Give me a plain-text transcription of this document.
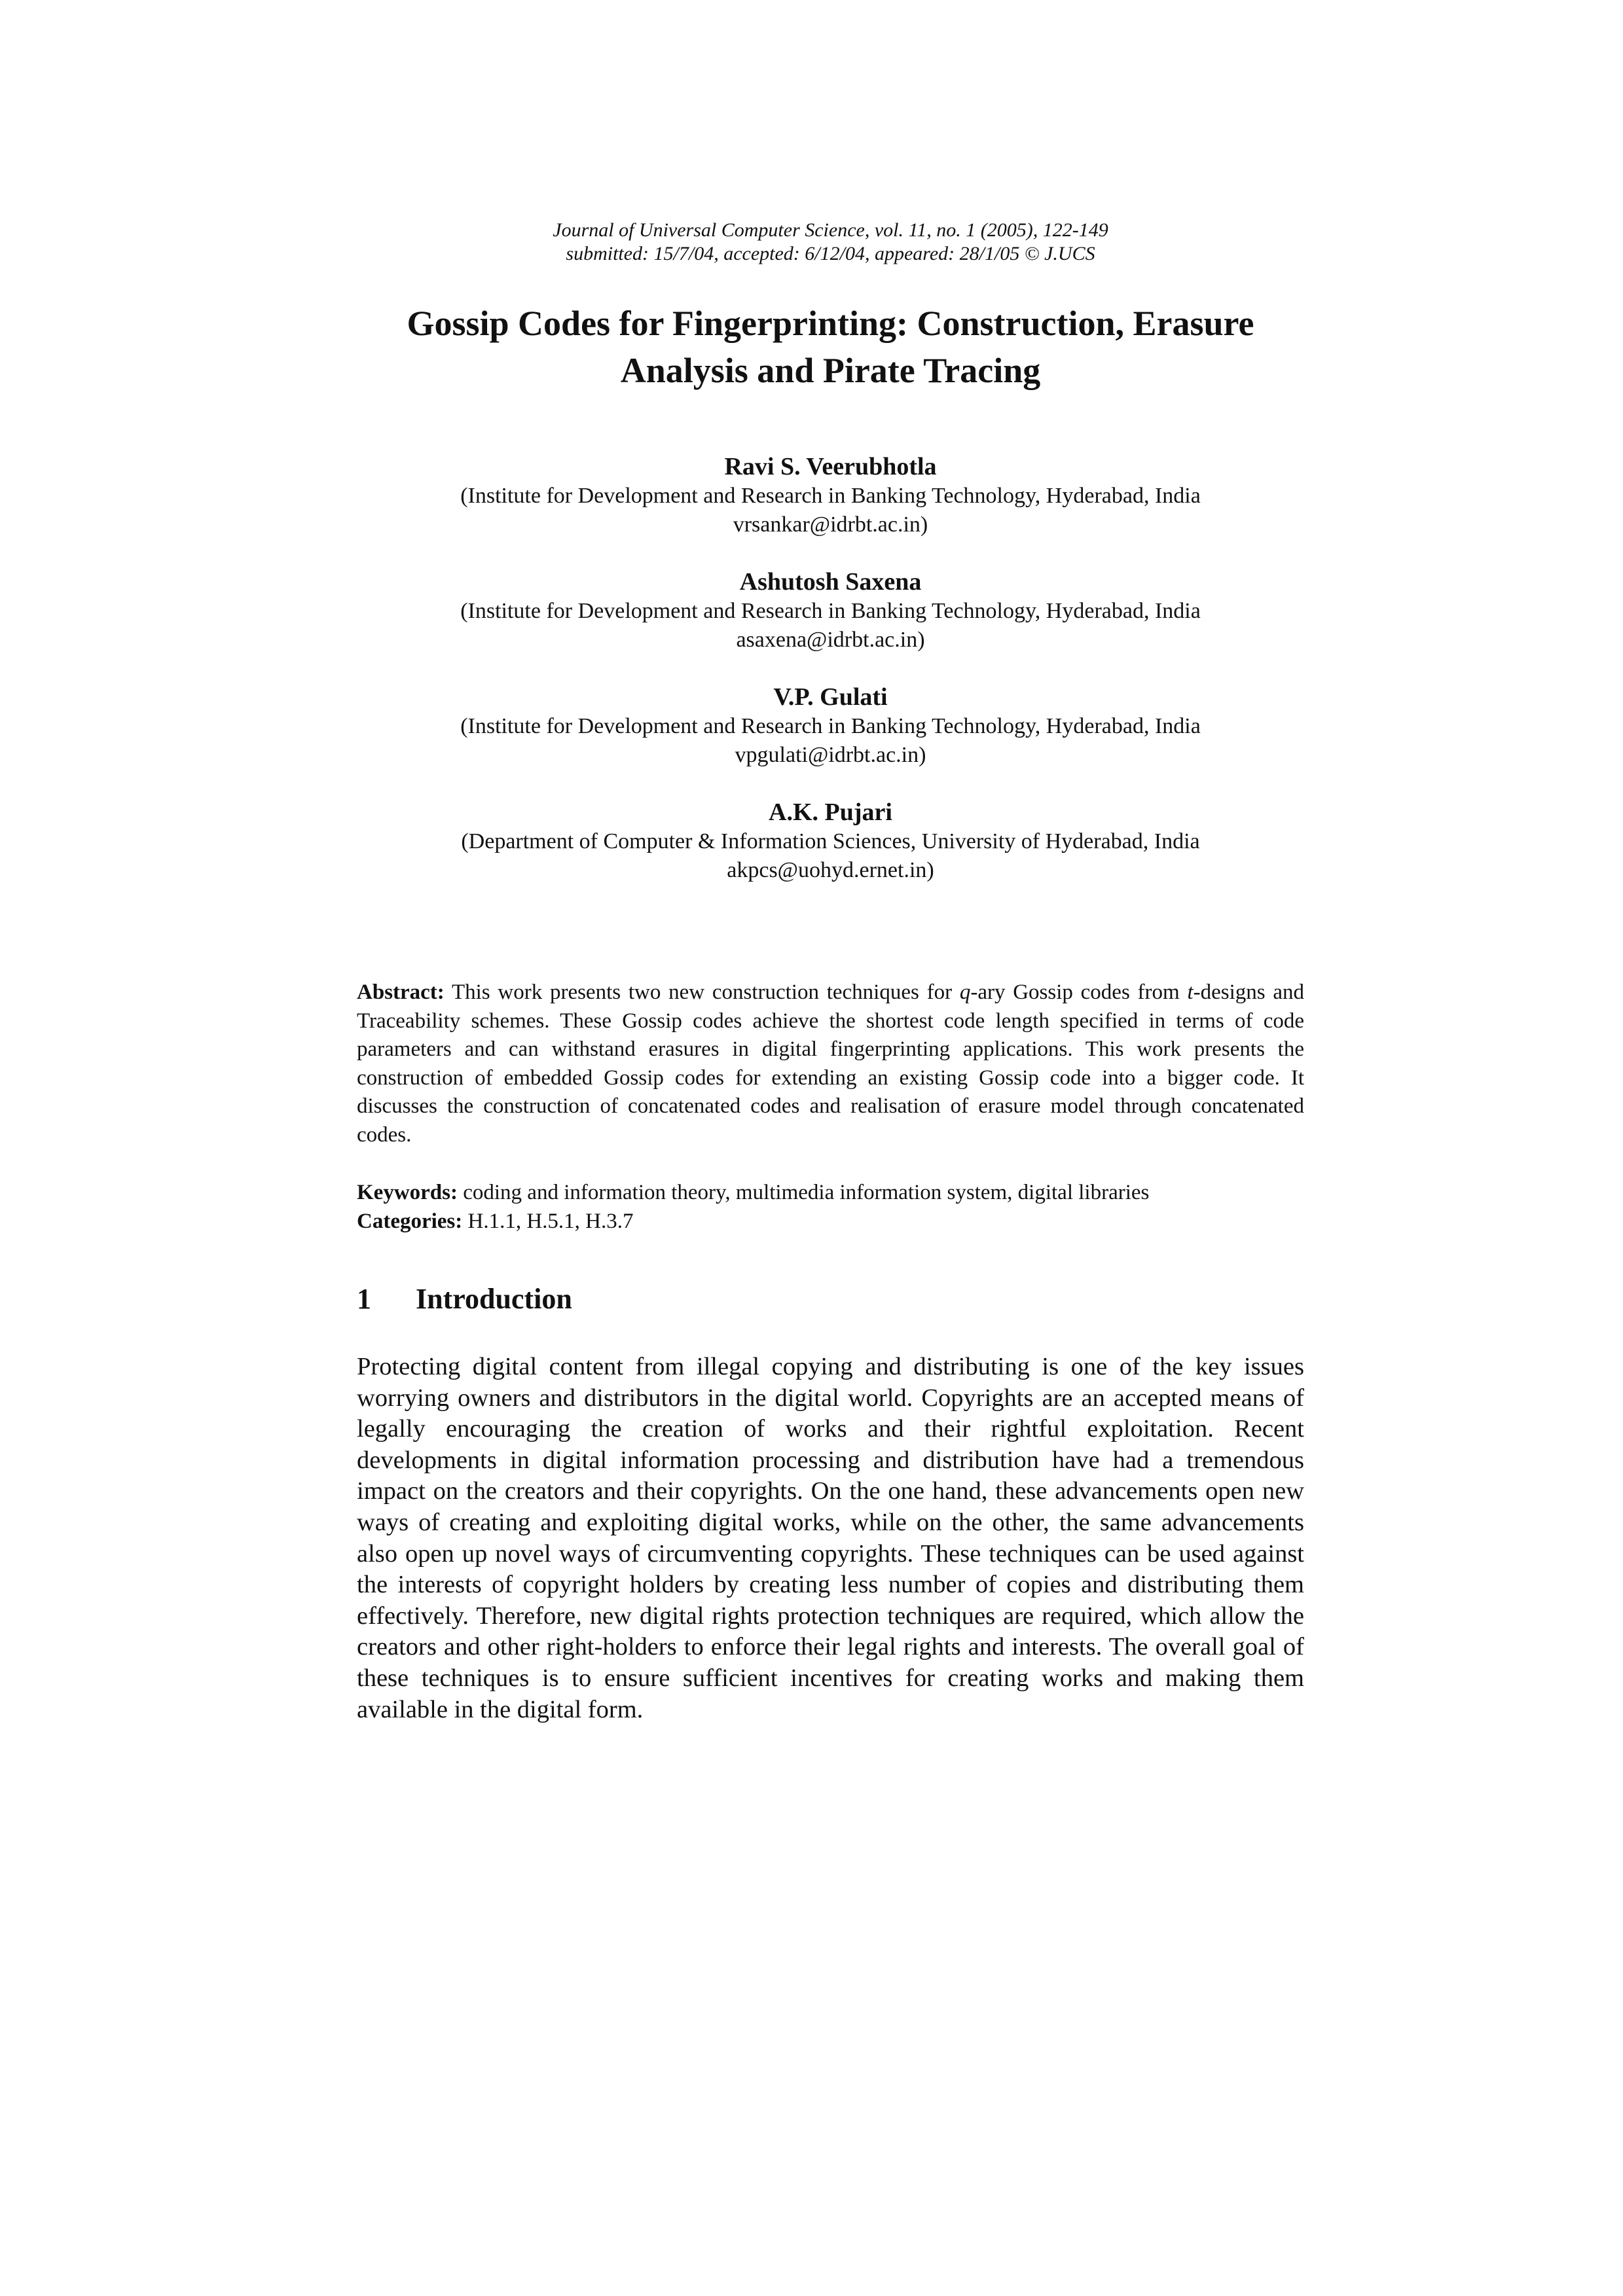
Journal of Universal Computer Science, vol. 11, no. 1 (2005), 122-149
submitted: 15/7/04, accepted: 6/12/04, appeared: 28/1/05 © J.UCS
Gossip Codes for Fingerprinting: Construction, Erasure
Analysis and Pirate Tracing
Ravi S. Veerubhotla
(Institute for Development and Research in Banking Technology, Hyderabad, India
vrsankar@idrbt.ac.in)
Ashutosh Saxena
(Institute for Development and Research in Banking Technology, Hyderabad, India
asaxena@idrbt.ac.in)
V.P. Gulati
(Institute for Development and Research in Banking Technology, Hyderabad, India
vpgulati@idrbt.ac.in)
A.K. Pujari
(Department of Computer & Information Sciences, University of Hyderabad, India
akpcs@uohyd.ernet.in)

Abstract: This work presents two new construction techniques for q-ary Gossip codes from t-designs and Traceability schemes. These Gossip codes achieve the shortest code length specified in terms of code parameters and can withstand erasures in digital fingerprinting applications. This work presents the construction of embedded Gossip codes for extending an existing Gossip code into a bigger code. It discusses the construction of concatenated codes and realisation of erasure model through concatenated codes.

Keywords: coding and information theory, multimedia information system, digital libraries
Categories: H.1.1, H.5.1, H.3.7
1 Introduction

Protecting digital content from illegal copying and distributing is one of the key issues worrying owners and distributors in the digital world. Copyrights are an accepted means of legally encouraging the creation of works and their rightful exploitation. Recent developments in digital information processing and distribution have had a tremendous impact on the creators and their copyrights. On the one hand, these advancements open new ways of creating and exploiting digital works, while on the other, the same advancements also open up novel ways of circumventing copyrights. These techniques can be used against the interests of copyright holders by creating less number of copies and distributing them effectively. Therefore, new digital rights protection techniques are required, which allow the creators and other right-holders to enforce their legal rights and interests. The overall goal of these techniques is to ensure sufficient incentives for creating works and making them available in the digital form.
